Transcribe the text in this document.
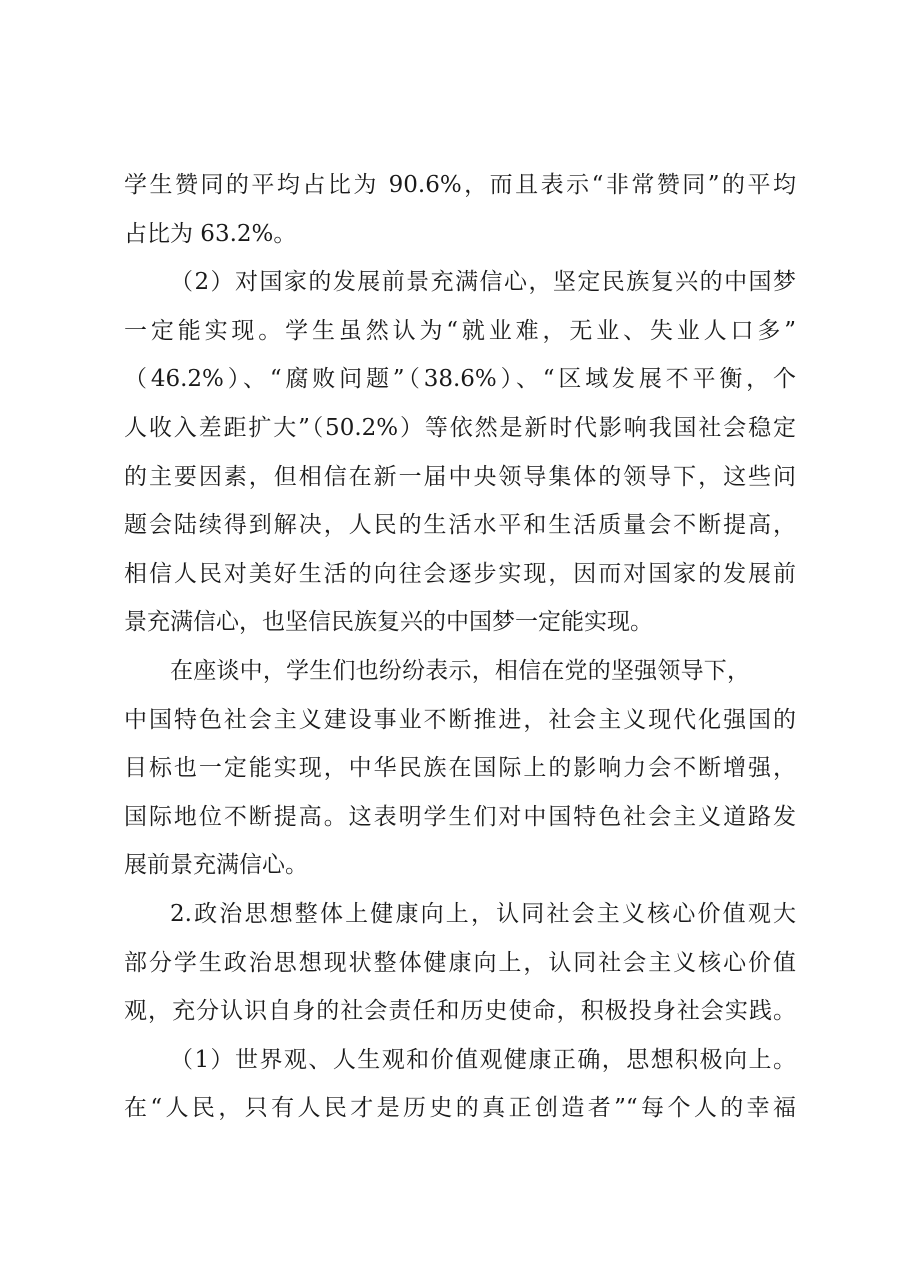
学生赞同的平均占比为 90.6%，而且表示“非常赞同”的平均
占比为 63.2%。
（2）对国家的发展前景充满信心，坚定民族复兴的中国梦
一定能实现。学生虽然认为“就业难，无业、失业人口多”
（46.2%）、“腐败问题”（38.6%）、“区域发展不平衡，个
人收入差距扩大”（50.2%）等依然是新时代影响我国社会稳定
的主要因素，但相信在新一届中央领导集体的领导下，这些问
题会陆续得到解决，人民的生活水平和生活质量会不断提高，
相信人民对美好生活的向往会逐步实现，因而对国家的发展前
景充满信心，也坚信民族复兴的中国梦一定能实现。
在座谈中，学生们也纷纷表示，相信在党的坚强领导下，
中国特色社会主义建设事业不断推进，社会主义现代化强国的
目标也一定能实现，中华民族在国际上的影响力会不断增强，
国际地位不断提高。这表明学生们对中国特色社会主义道路发
展前景充满信心。
2.政治思想整体上健康向上，认同社会主义核心价值观大
部分学生政治思想现状整体健康向上，认同社会主义核心价值
观，充分认识自身的社会责任和历史使命，积极投身社会实践。
（1）世界观、人生观和价值观健康正确，思想积极向上。
在“人民，只有人民才是历史的真正创造者”“每个人的幸福
